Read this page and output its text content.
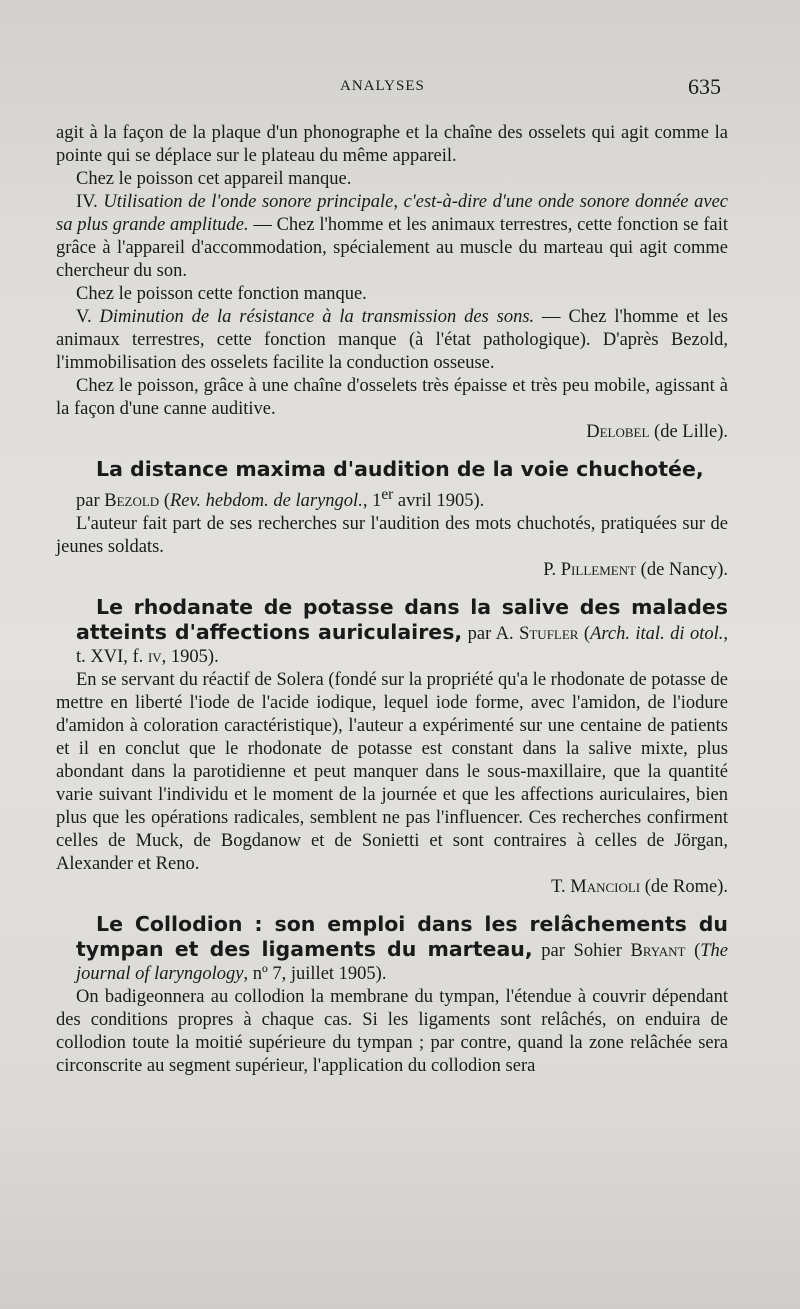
ANALYSES	635

agit à la façon de la plaque d'un phonographe et la chaîne des osselets qui agit comme la pointe qui se déplace sur le plateau du même appareil.

Chez le poisson cet appareil manque.

IV. Utilisation de l'onde sonore principale, c'est-à-dire d'une onde sonore donnée avec sa plus grande amplitude. — Chez l'homme et les animaux terrestres, cette fonction se fait grâce à l'appareil d'accommodation, spécialement au muscle du marteau qui agit comme chercheur du son.

Chez le poisson cette fonction manque.

V. Diminution de la résistance à la transmission des sons. — Chez l'homme et les animaux terrestres, cette fonction manque (à l'état pathologique). D'après Bezold, l'immobilisation des osselets facilite la conduction osseuse.

Chez le poisson, grâce à une chaîne d'osselets très épaisse et très peu mobile, agissant à la façon d'une canne auditive.

Delobel (de Lille).

La distance maxima d'audition de la voie chuchotée,
par Bezold (Rev. hebdom. de laryngol., 1er avril 1905).

L'auteur fait part de ses recherches sur l'audition des mots chuchotés, pratiquées sur de jeunes soldats.

P. Pillement (de Nancy).

Le rhodanate de potasse dans la salive des malades atteints d'affections auriculaires, par A. Stufler (Arch. ital. di otol., t. XVI, f. iv, 1905).

En se servant du réactif de Solera (fondé sur la propriété qu'a le rhodonate de potasse de mettre en liberté l'iode de l'acide iodique, lequel iode forme, avec l'amidon, de l'iodure d'amidon à coloration caractéristique), l'auteur a expérimenté sur une centaine de patients et il en conclut que le rhodonate de potasse est constant dans la salive mixte, plus abondant dans la parotidienne et peut manquer dans le sous-maxillaire, que la quantité varie suivant l'individu et le moment de la journée et que les affections auriculaires, bien plus que les opérations radicales, semblent ne pas l'influencer. Ces recherches confirment celles de Muck, de Bogdanow et de Sonietti et sont contraires à celles de Jörgan, Alexander et Reno.

T. Mancioli (de Rome).

Le Collodion : son emploi dans les relâchements du tympan et des ligaments du marteau, par Sohier Bryant (The journal of laryngology, nº 7, juillet 1905).

On badigeonnera au collodion la membrane du tympan, l'étendue à couvrir dépendant des conditions propres à chaque cas. Si les ligaments sont relâchés, on enduira de collodion toute la moitié supérieure du tympan ; par contre, quand la zone relâchée sera circonscrite au segment supérieur, l'application du collodion sera
